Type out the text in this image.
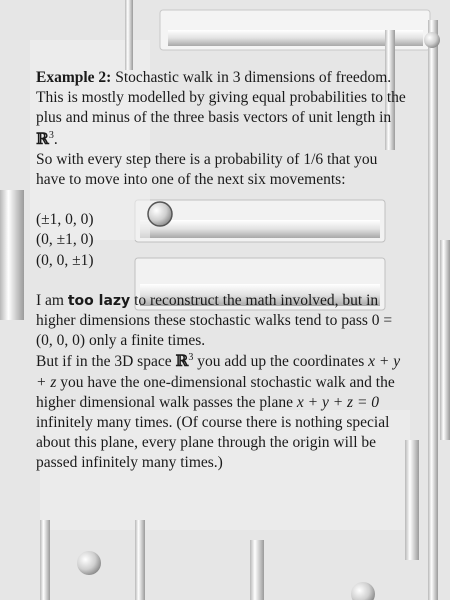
Example 2: Stochastic walk in 3 dimensions of freedom. This is mostly modelled by giving equal probabilities to the plus and minus of the three basis vectors of unit length in ℝ$^3$.

So with every step there is a probability of 1/6 that you have to move into one of the next six movements:

(±1, 0, 0)

(0, ±1, 0)

(0, 0, ±1)

I am too lazy to reconstruct the math involved, but in higher dimensions these stochastic walks tend to pass 0 = (0, 0, 0) only a finite times.

But if in the 3D space ℝ$^3$ you add up the coordinates x + y + z you have the one-dimensional stochastic walk and the higher dimensional walk passes the plane x + y + z = 0 infinitely many times. (Of course there is nothing special about this plane, every plane through the origin will be passed infinitely many times.)
